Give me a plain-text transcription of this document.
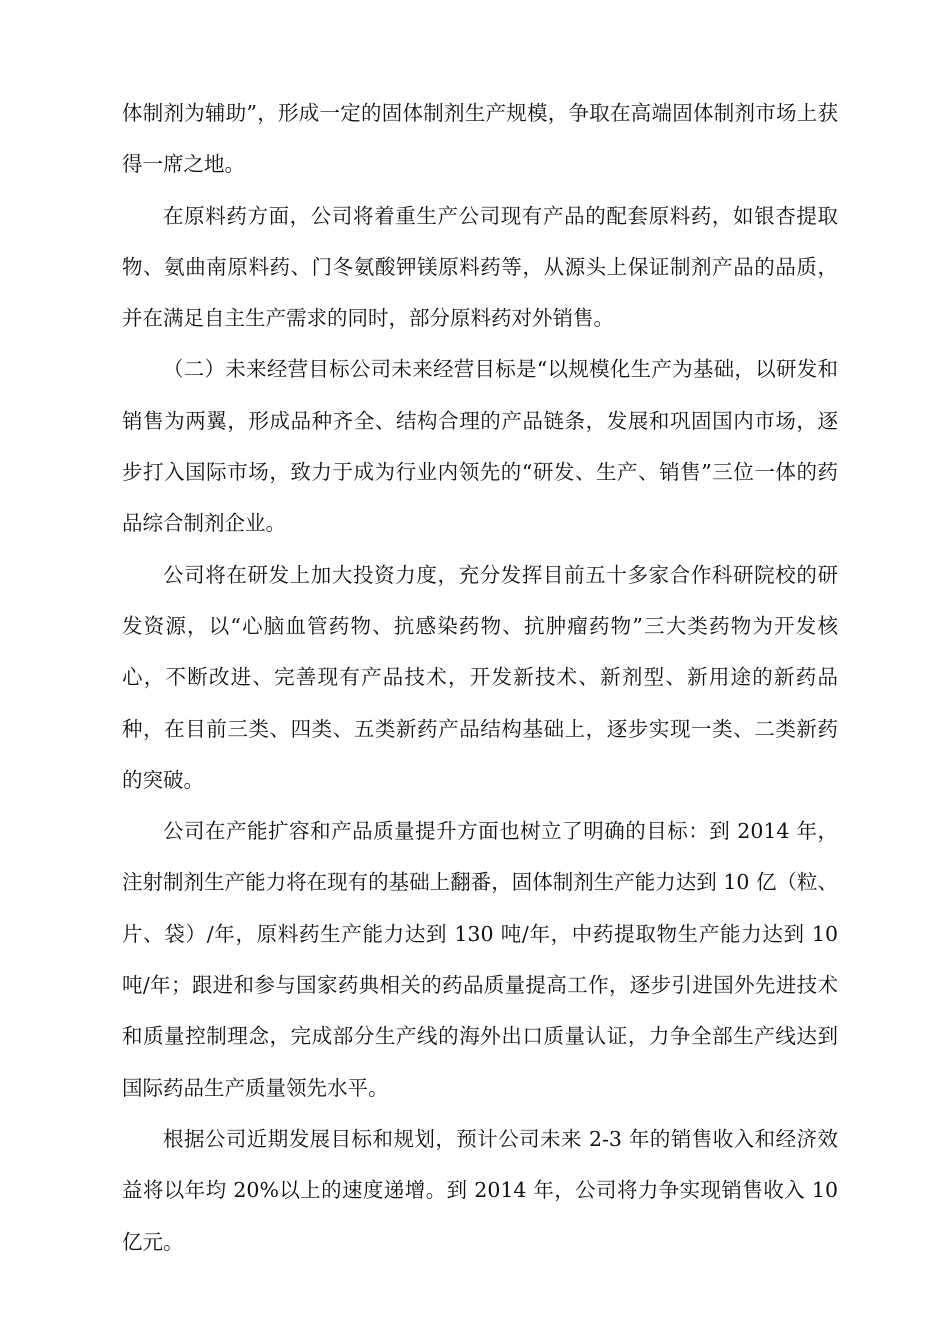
体制剂为辅助”，形成一定的固体制剂生产规模，争取在高端固体制剂市场上获得一席之地。

在原料药方面，公司将着重生产公司现有产品的配套原料药，如银杏提取物、氨曲南原料药、门冬氨酸钾镁原料药等，从源头上保证制剂产品的品质，并在满足自主生产需求的同时，部分原料药对外销售。

（二）未来经营目标公司未来经营目标是“以规模化生产为基础，以研发和销售为两翼，形成品种齐全、结构合理的产品链条，发展和巩固国内市场，逐步打入国际市场，致力于成为行业内领先的“研发、生产、销售”三位一体的药品综合制剂企业。

公司将在研发上加大投资力度，充分发挥目前五十多家合作科研院校的研发资源，以“心脑血管药物、抗感染药物、抗肿瘤药物”三大类药物为开发核心，不断改进、完善现有产品技术，开发新技术、新剂型、新用途的新药品种，在目前三类、四类、五类新药产品结构基础上，逐步实现一类、二类新药的突破。

公司在产能扩容和产品质量提升方面也树立了明确的目标：到 2014 年，注射制剂生产能力将在现有的基础上翻番，固体制剂生产能力达到 10 亿（粒、片、袋）/年，原料药生产能力达到 130 吨/年，中药提取物生产能力达到 10 吨/年；跟进和参与国家药典相关的药品质量提高工作，逐步引进国外先进技术和质量控制理念，完成部分生产线的海外出口质量认证，力争全部生产线达到国际药品生产质量领先水平。

根据公司近期发展目标和规划，预计公司未来 2-3 年的销售收入和经济效益将以年均 20%以上的速度递增。到 2014 年，公司将力争实现销售收入 10 亿元。
